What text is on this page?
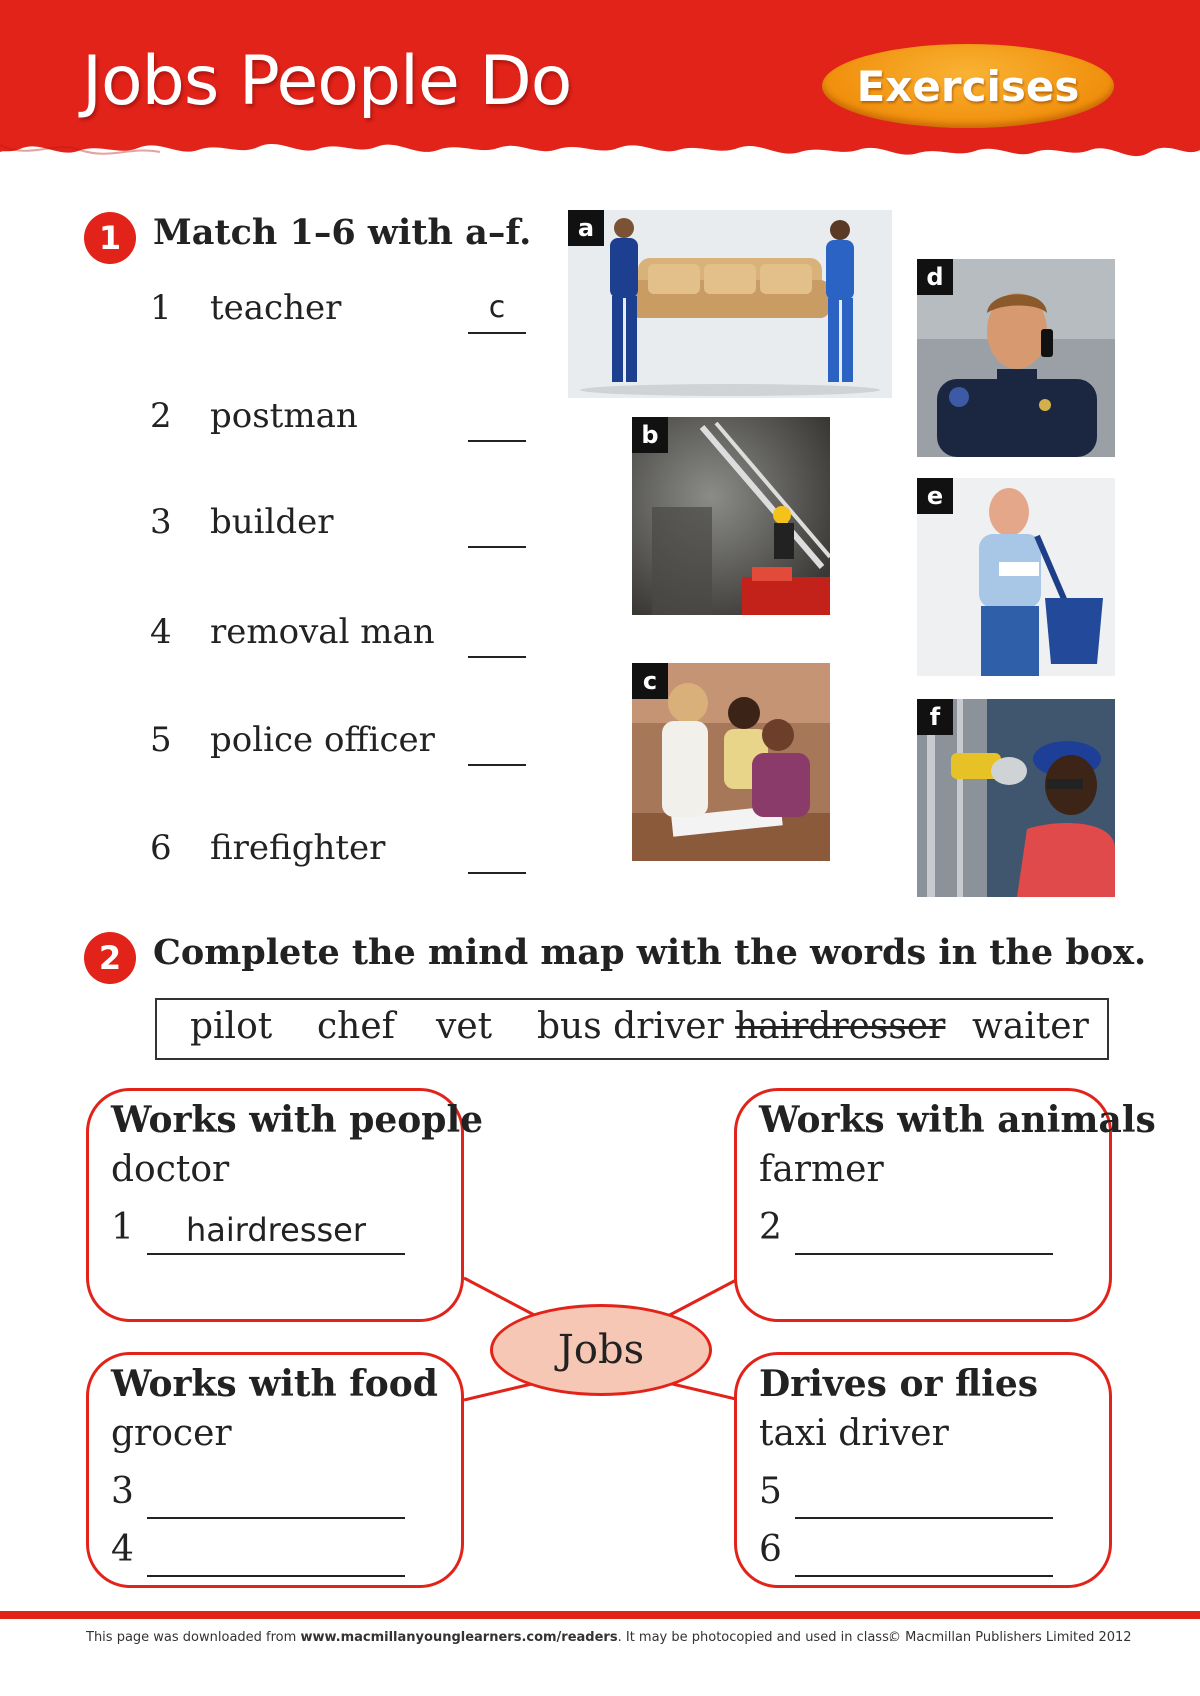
Jobs People Do	Exercises
1 Match 1–6 with a–f.
1 teacher	c
2 postman
3 builder
4 removal man
5 police officer
6 firefighter
a
b
c
d
e
f
2 Complete the mind map with the words in the box.
pilot chef vet bus driver hairdresser waiter
Works with people
doctor
1	hairdresser
Works with animals
farmer
2
Works with food
grocer
3
4
Drives or flies
taxi driver
5
6
Jobs
This page was downloaded from www.macmillanyounglearners.com/readers. It may be photocopied and used in class.
© Macmillan Publishers Limited 2012
